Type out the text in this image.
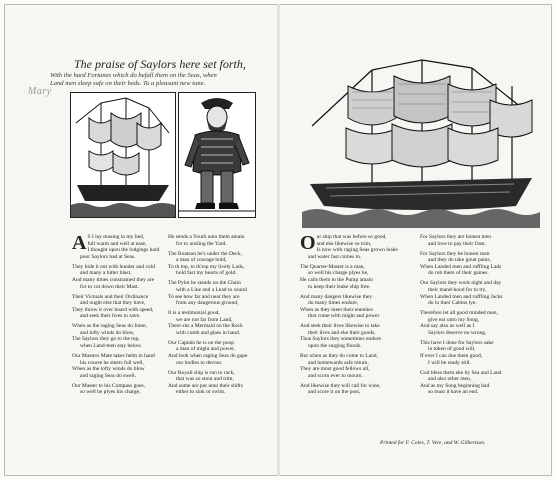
Mary
The praise of Saylors here set forth,
With the hard Fortunes which do befall them on the Seas, when
Land men sleep safe on their beds. To a pleasant new tune.
A S I lay musing in my bed,
full warm and well at ease,
I thought upon the lodgings hard
poor Saylors had at Seas.
They bide it out with hunder and cold
and many a bitter blast,
And many times constrained they are
for to cut down their Mast.
Their Victuals and their Ordinance
and ought else that they have,
They throw it over board with speed,
and seek their lives to save.
When as the raging Seas do fome,
and lofty winds do blow,
The Saylors they go to the top,
when Land-men stay below.
Our Masters Mate takes helm in hand
his course he steers full well,
When as the lofty winds do blow
and raging Seas do swell.
Our Master to his Compass goes,
so well he plyes his charge,
He sends a Youth unto them amain
for to unsling the Yard.
The Boatson he's under the Deck,
a man of courage bold,
To th top, to th'top my lively Lads,
hold fast my hearts of gold.
The Pylot he stands on the Chain
with a Line and a Lead to sound
To see how far and near they are
from any dangerous ground,
It is a testimonial good,
we are not far from Land,
There sits a Mermaid on the Rock
with comb and glass in hand.
Our Captain he is on the poop
a man of might and power,
And look when raging Seas do gape
our bodies to devour.
Our Royall ship is run to rack,
that was so stout and trim,
And some are put unto their shifts
either to sink or swim.
O ur ship that was before so good,
and eke likewise so trim,
Is now with raging Seas grown leake
and water fast comes in.
The Quarter-Master is a man,
so well his charge plyes he,
He calls them to the Pump amain
to keep their leake ship free.
And many dangers likewise they
do many times endure,
When as they meet their enemies
that come with might and power
And seek their lives likewise to take
their lives and eke their goods,
Thus Saylors they sometimes endure
upon the surging floods.
But when as they do come to Land,
and homewards safe return,
They are most good fellows all,
and scorn ever to mourn.
And likewise they will call for wine,
and score it on the post,
For Saylors they are honest men
and love to pay their Oast.
For Saylors they be honest men
and they do take great pains,
When Landed men and ruffling Lads
do rob them of their gaines.
Our Saylors they work night and day
their mand-hood for to try,
When Landed men and ruffling Jacks
do in their Cabins lye.
Therefore let all good minded men,
give ear unto my Song,
And say also as well as I
Saylors deserve no wrong.
This have I done for Saylors sake
in token of good will,
If ever I can doe them good,
I will be ready still.
God bless them eke by Sea and Land
and also other men,
And as my Song beginning had
so must it have an end.
Printed for F. Coles, T. Vere, and W. Gilbertson.
